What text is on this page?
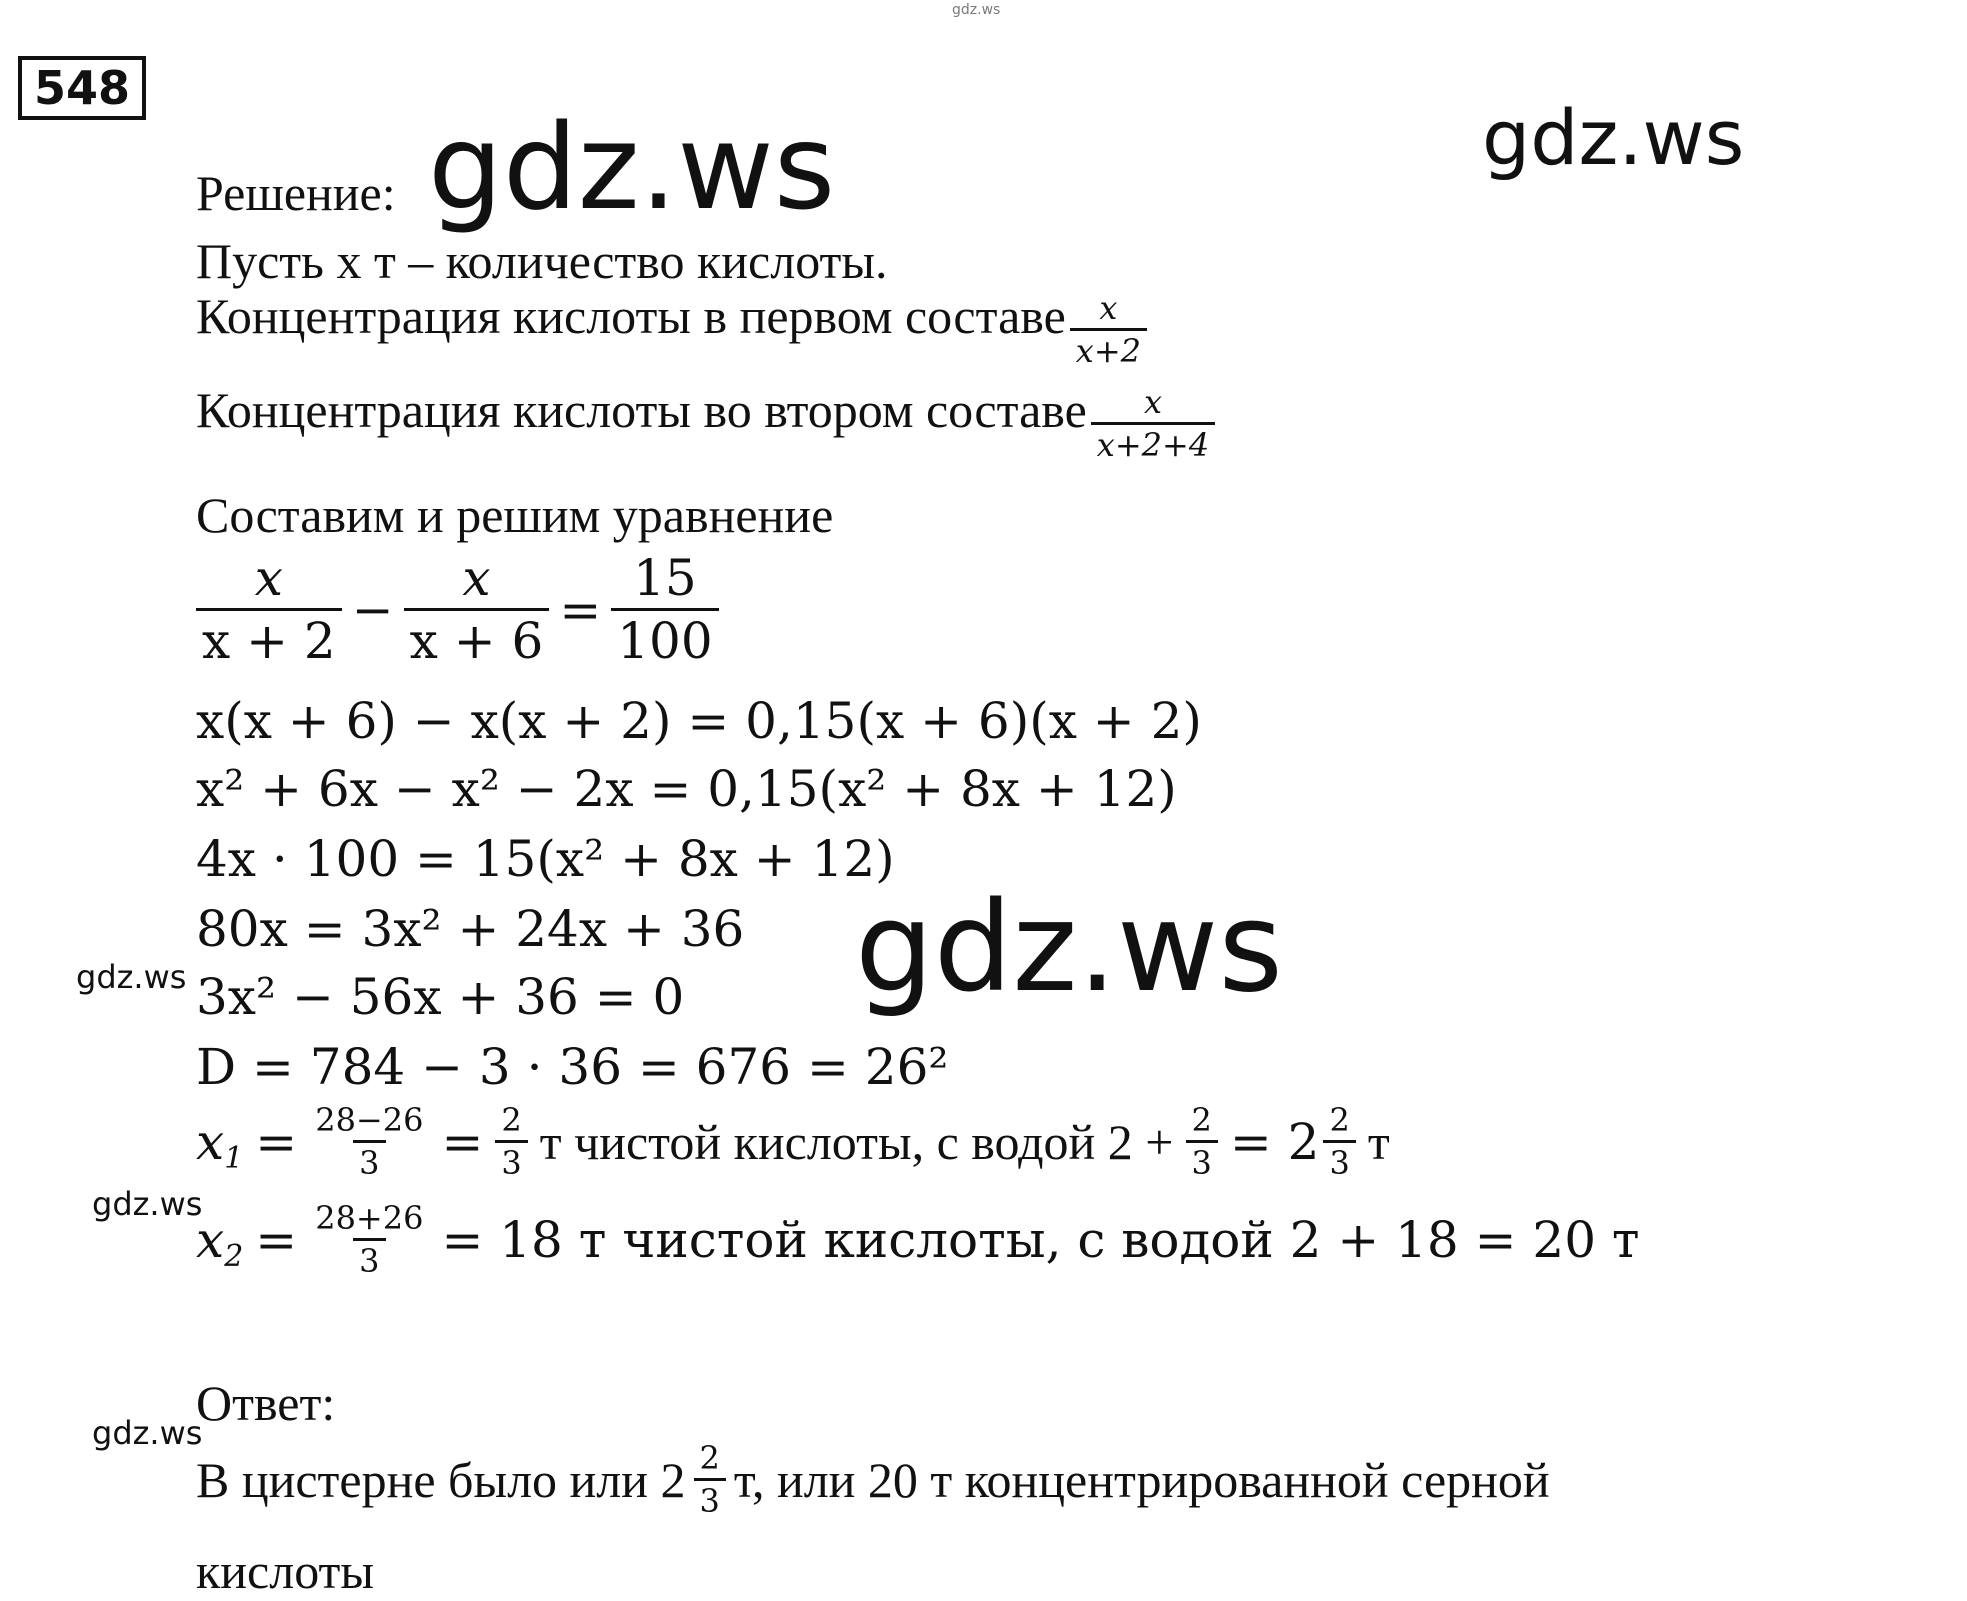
548
gdz.ws
gdz.ws
gdz.ws
gdz.ws
gdz.ws
Решение:
Пусть x т – количество кислоты.
Концентрация кислоты в первом составе $\frac{x}{x+2}$
Концентрация кислоты во втором составе $\frac{x}{x+2+4}$
Составим и решим уравнение
$\frac{x}{x + 2} - \frac{x}{x + 6} = \frac{15}{100}$
x(x + 6) − x(x + 2) = 0,15(x + 6)(x + 2)
x² + 6x − x² − 2x = 0,15(x² + 8x + 12)
4x · 100 = 15(x² + 8x + 12)
80x = 3x² + 24x + 36
3x² − 56x + 36 = 0
D = 784 − 3 · 36 = 676 = 26²
$x_1 = \frac{28-26}{3} = \frac{2}{3}$ т чистой кислоты, с водой $2 + \frac{2}{3} = 2 \frac{2}{3}$ т
$x_2 = \frac{28+26}{3} = 18$ т чистой кислоты, с водой 2 + 18 = 20 т
Ответ:
В цистерне было или $2 \frac{2}{3} т$, или 20 т концентрированной серной
кислоты
gdz.ws
gdz.ws
